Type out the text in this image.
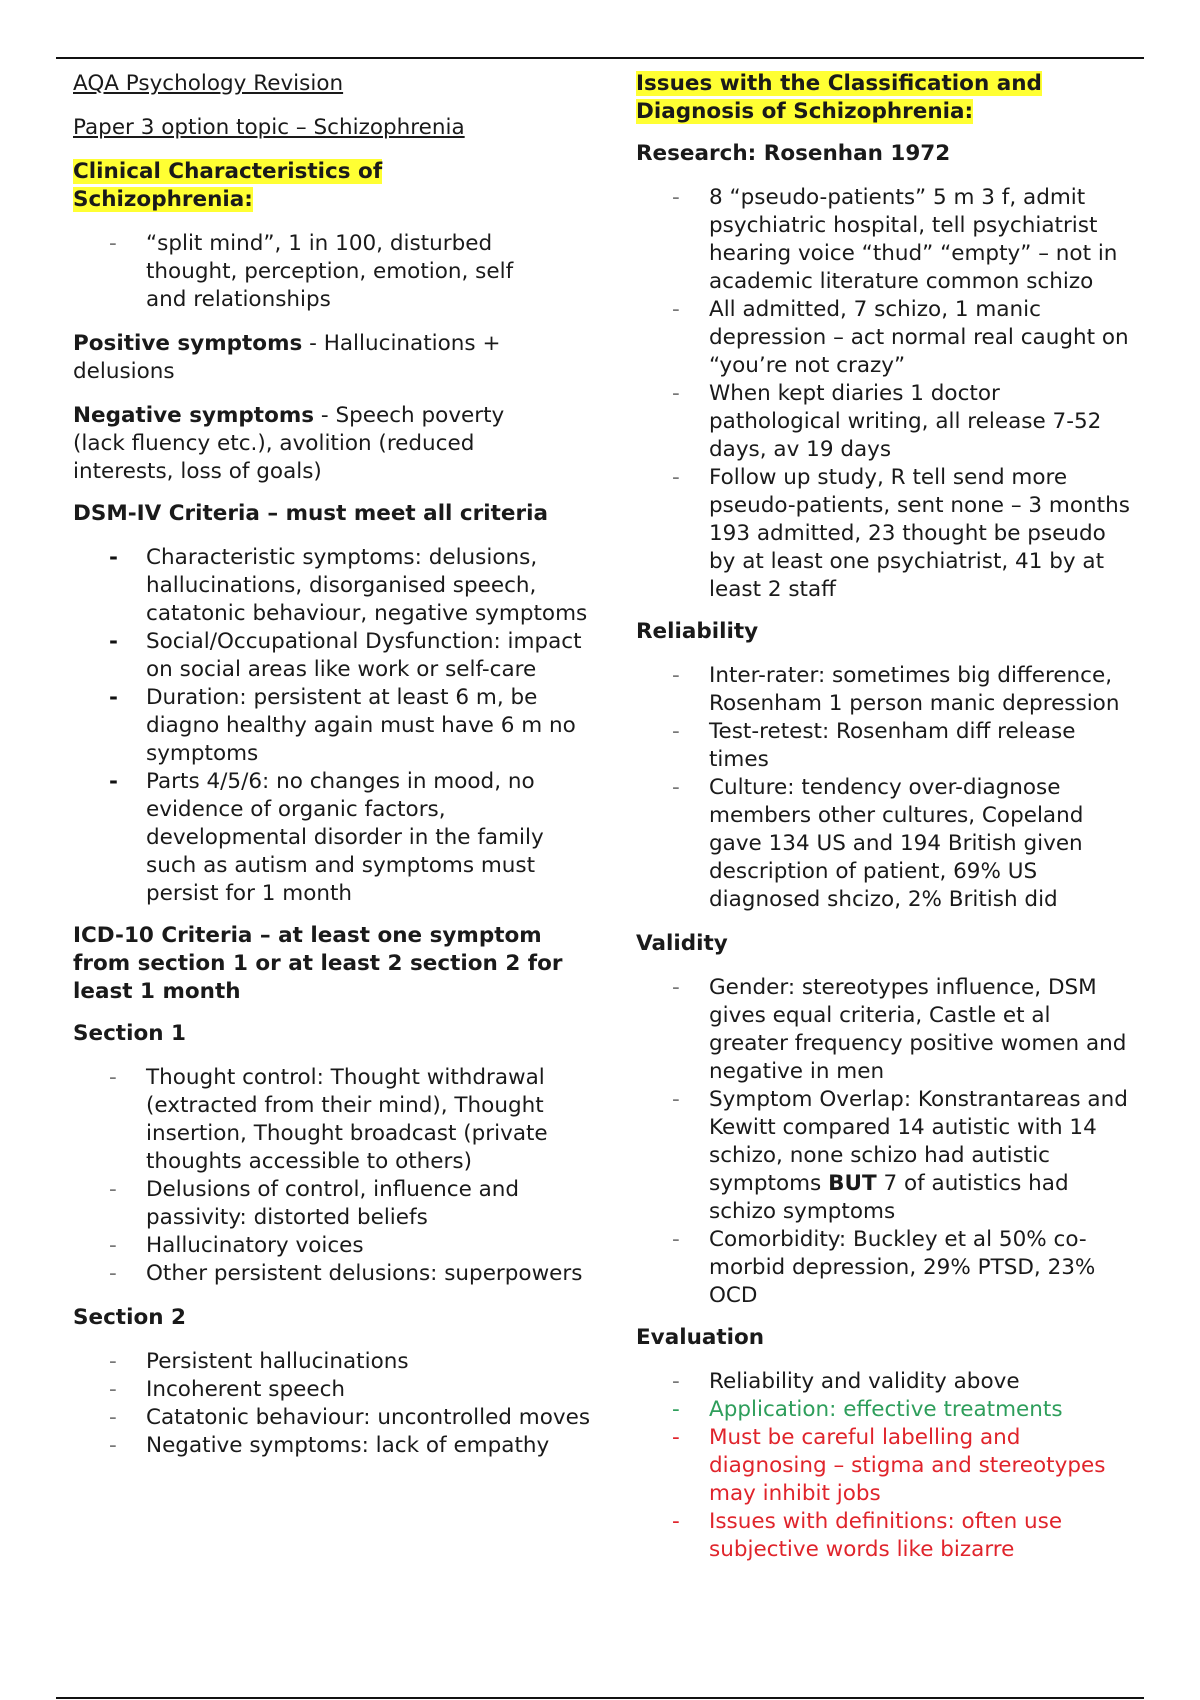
AQA Psychology Revision

Paper 3 option topic – Schizophrenia

Clinical Characteristics of Schizophrenia:

- “split mind”, 1 in 100, disturbed thought, perception, emotion, self and relationships

Positive symptoms - Hallucinations + delusions

Negative symptoms - Speech poverty (lack fluency etc.), avolition (reduced interests, loss of goals)

DSM-IV Criteria – must meet all criteria

- Characteristic symptoms: delusions, hallucinations, disorganised speech, catatonic behaviour, negative symptoms
- Social/Occupational Dysfunction: impact on social areas like work or self-care
- Duration: persistent at least 6 m, be diagno healthy again must have 6 m no symptoms
- Parts 4/5/6: no changes in mood, no evidence of organic factors, developmental disorder in the family such as autism and symptoms must persist for 1 month

ICD-10 Criteria – at least one symptom from section 1 or at least 2 section 2 for least 1 month

Section 1

- Thought control: Thought withdrawal (extracted from their mind), Thought insertion, Thought broadcast (private thoughts accessible to others)
- Delusions of control, influence and passivity: distorted beliefs
- Hallucinatory voices
- Other persistent delusions: superpowers

Section 2

- Persistent hallucinations
- Incoherent speech
- Catatonic behaviour: uncontrolled moves
- Negative symptoms: lack of empathy

Issues with the Classification and Diagnosis of Schizophrenia:

Research: Rosenhan 1972

- 8 “pseudo-patients” 5 m 3 f, admit psychiatric hospital, tell psychiatrist hearing voice “thud” “empty” – not in academic literature common schizo
- All admitted, 7 schizo, 1 manic depression – act normal real caught on “you’re not crazy”
- When kept diaries 1 doctor pathological writing, all release 7-52 days, av 19 days
- Follow up study, R tell send more pseudo-patients, sent none – 3 months 193 admitted, 23 thought be pseudo by at least one psychiatrist, 41 by at least 2 staff

Reliability

- Inter-rater: sometimes big difference, Rosenham 1 person manic depression
- Test-retest: Rosenham diff release times
- Culture: tendency over-diagnose members other cultures, Copeland gave 134 US and 194 British given description of patient, 69% US diagnosed shcizo, 2% British did

Validity

- Gender: stereotypes influence, DSM gives equal criteria, Castle et al greater frequency positive women and negative in men
- Symptom Overlap: Konstrantareas and Kewitt compared 14 autistic with 14 schizo, none schizo had autistic symptoms BUT 7 of autistics had schizo symptoms
- Comorbidity: Buckley et al 50% co-morbid depression, 29% PTSD, 23% OCD

Evaluation

- Reliability and validity above
- Application: effective treatments
- Must be careful labelling and diagnosing – stigma and stereotypes may inhibit jobs
- Issues with definitions: often use subjective words like bizarre
